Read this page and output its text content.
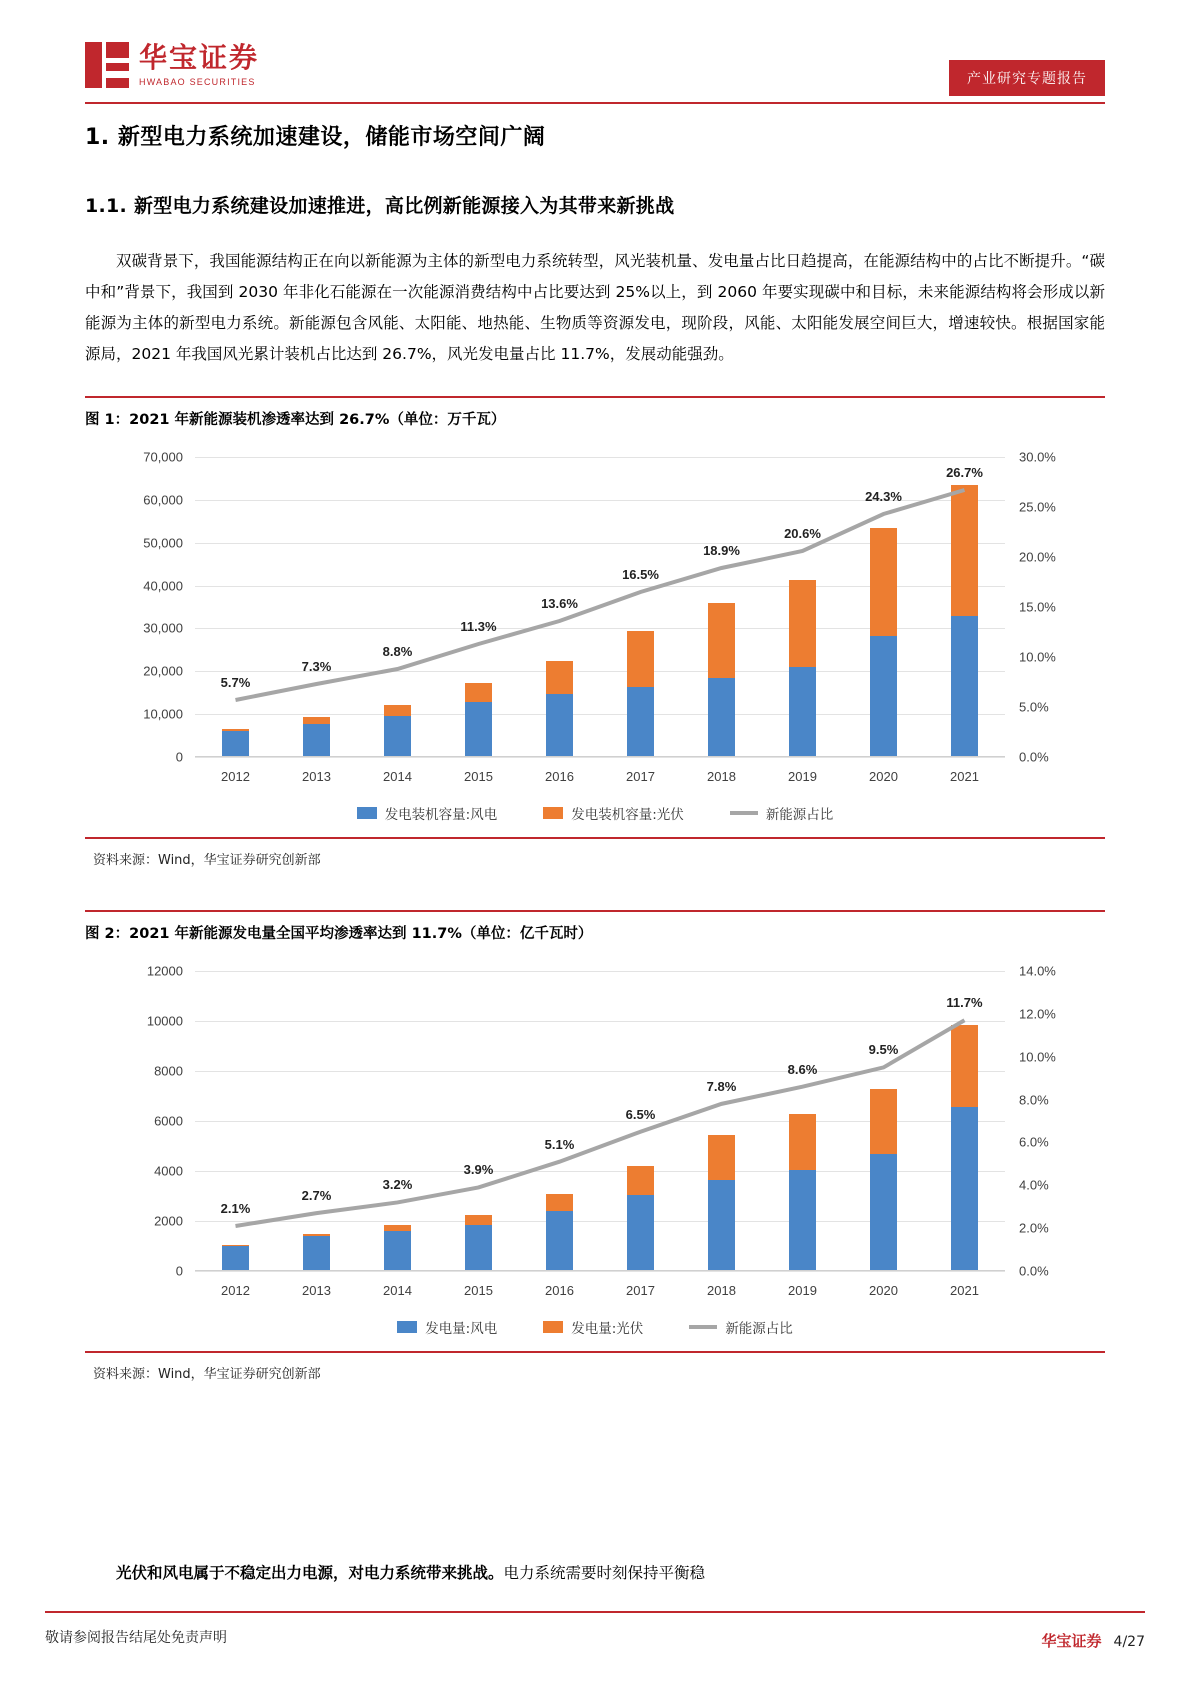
华宝证券
HWABAO SECURITIES	产业研究专题报告
1. 新型电力系统加速建设，储能市场空间广阔
1.1. 新型电力系统建设加速推进，高比例新能源接入为其带来新挑战

双碳背景下，我国能源结构正在向以新能源为主体的新型电力系统转型，风光装机量、发电量占比日趋提高，在能源结构中的占比不断提升。“碳中和”背景下，我国到 2030 年非化石能源在一次能源消费结构中占比要达到 25%以上，到 2060 年要实现碳中和目标，未来能源结构将会形成以新能源为主体的新型电力系统。新能源包含风能、太阳能、地热能、生物质等资源发电，现阶段，风能、太阳能发展空间巨大，增速较快。根据国家能源局，2021 年我国风光累计装机占比达到 26.7%，风光发电量占比 11.7%，发展动能强劲。

图 1：2021 年新能源装机渗透率达到 26.7%（单位：万千瓦）
0
10,000
20,000
30,000
40,000
50,000
60,000
70,000
0.0%
5.0%
10.0%
15.0%
20.0%
25.0%
30.0%
2012	2013	2014	2015	2016	2017	2018	2019	2020	2021
5.7%
7.3%
8.8%
11.3%
13.6%
16.5%
18.9%
20.6%
24.3%
26.7%
发电装机容量:风电	发电装机容量:光伏	新能源占比
资料来源：Wind，华宝证券研究创新部
图 2：2021 年新能源发电量全国平均渗透率达到 11.7%（单位：亿千瓦时）
0
2000
4000
6000
8000
10000
12000
0.0%
2.0%
4.0%
6.0%
8.0%
10.0%
12.0%
14.0%
2012	2013	2014	2015	2016	2017	2018	2019	2020	2021
2.1%
2.7%
3.2%
3.9%
5.1%
6.5%
7.8%
8.6%
9.5%
11.7%
发电量:风电	发电量:光伏	新能源占比
资料来源：Wind，华宝证券研究创新部
光伏和风电属于不稳定出力电源，对电力系统带来挑战。电力系统需要时刻保持平衡稳
敬请参阅报告结尾处免责声明	华宝证券 4/27
